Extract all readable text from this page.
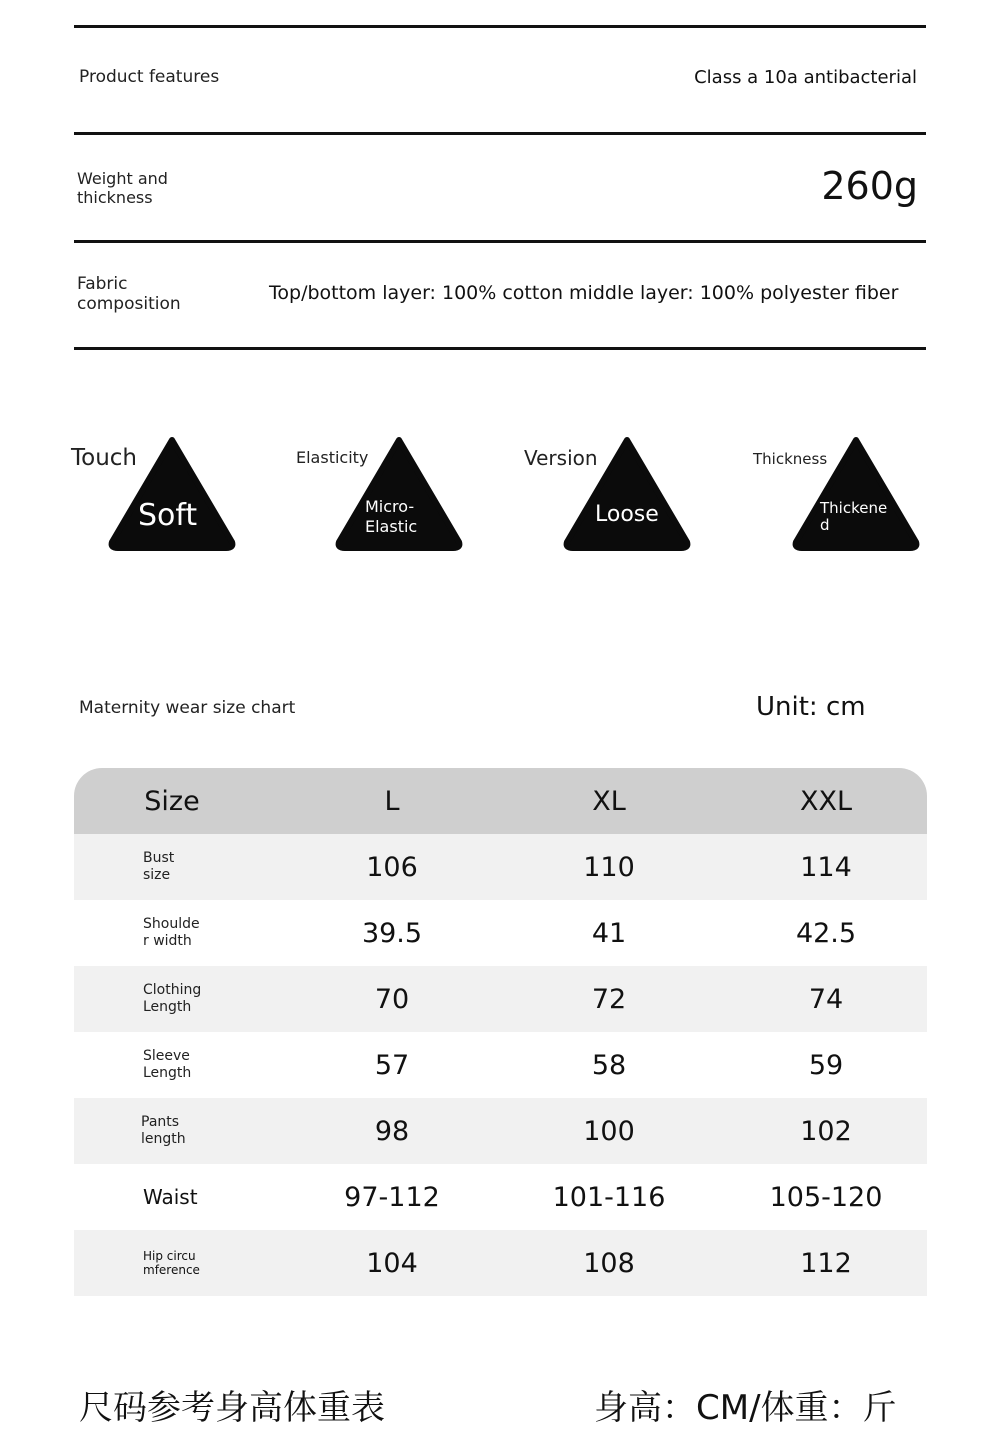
Product features	Class a 10a antibacterial
Weight and
thickness	260g
Fabric
composition	Top/bottom layer: 100% cotton middle layer: 100% polyester fiber
Touch
Soft
Elasticity
Micro-
Elastic
Version
Loose
Thickness
Thickene
d
Maternity wear size chart	Unit: cm
Size	L	XL	XXL
Bust
size	106	110	114
Shoulde
r width	39.5	41	42.5
Clothing
Length	70	72	74
Sleeve
Length	57	58	59
Pants
length	98	100	102
Waist	97-112	101-116	105-120
Hip circu
mference	104	108	112
尺码参考身高体重表	身高：CM/体重：斤
